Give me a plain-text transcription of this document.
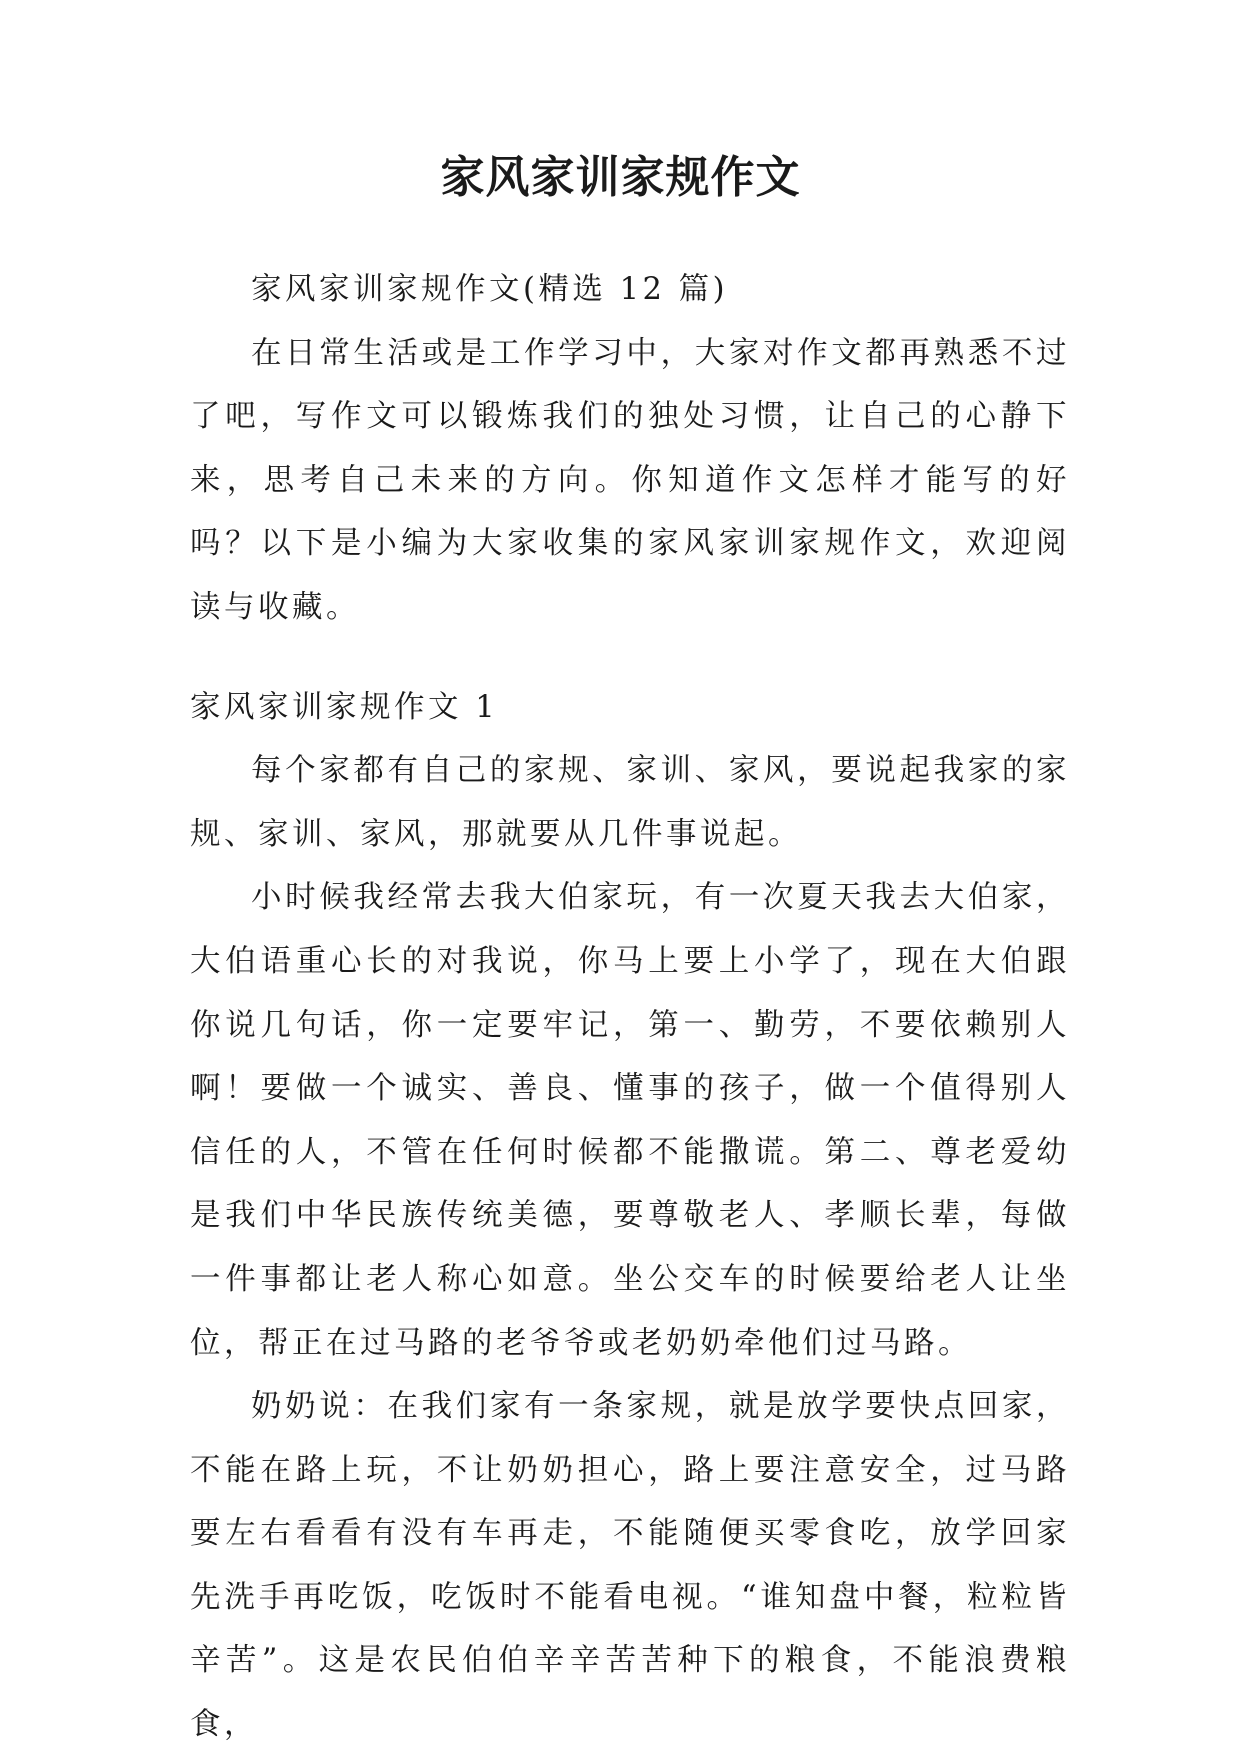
家风家训家规作文

家风家训家规作文(精选 12 篇)

在日常生活或是工作学习中，大家对作文都再熟悉不过了吧，写作文可以锻炼我们的独处习惯，让自己的心静下来，思考自己未来的方向。你知道作文怎样才能写的好吗？以下是小编为大家收集的家风家训家规作文，欢迎阅读与收藏。

家风家训家规作文 1

每个家都有自己的家规、家训、家风，要说起我家的家规、家训、家风，那就要从几件事说起。

小时候我经常去我大伯家玩，有一次夏天我去大伯家，大伯语重心长的对我说，你马上要上小学了，现在大伯跟你说几句话，你一定要牢记，第一、勤劳，不要依赖别人啊！要做一个诚实、善良、懂事的孩子，做一个值得别人信任的人，不管在任何时候都不能撒谎。第二、尊老爱幼是我们中华民族传统美德，要尊敬老人、孝顺长辈，每做一件事都让老人称心如意。坐公交车的时候要给老人让坐位，帮正在过马路的老爷爷或老奶奶牵他们过马路。

奶奶说：在我们家有一条家规，就是放学要快点回家，不能在路上玩，不让奶奶担心，路上要注意安全，过马路要左右看看有没有车再走，不能随便买零食吃，放学回家先洗手再吃饭，吃饭时不能看电视。“谁知盘中餐，粒粒皆辛苦”。这是农民伯伯辛辛苦苦种下的粮食，不能浪费粮食，
